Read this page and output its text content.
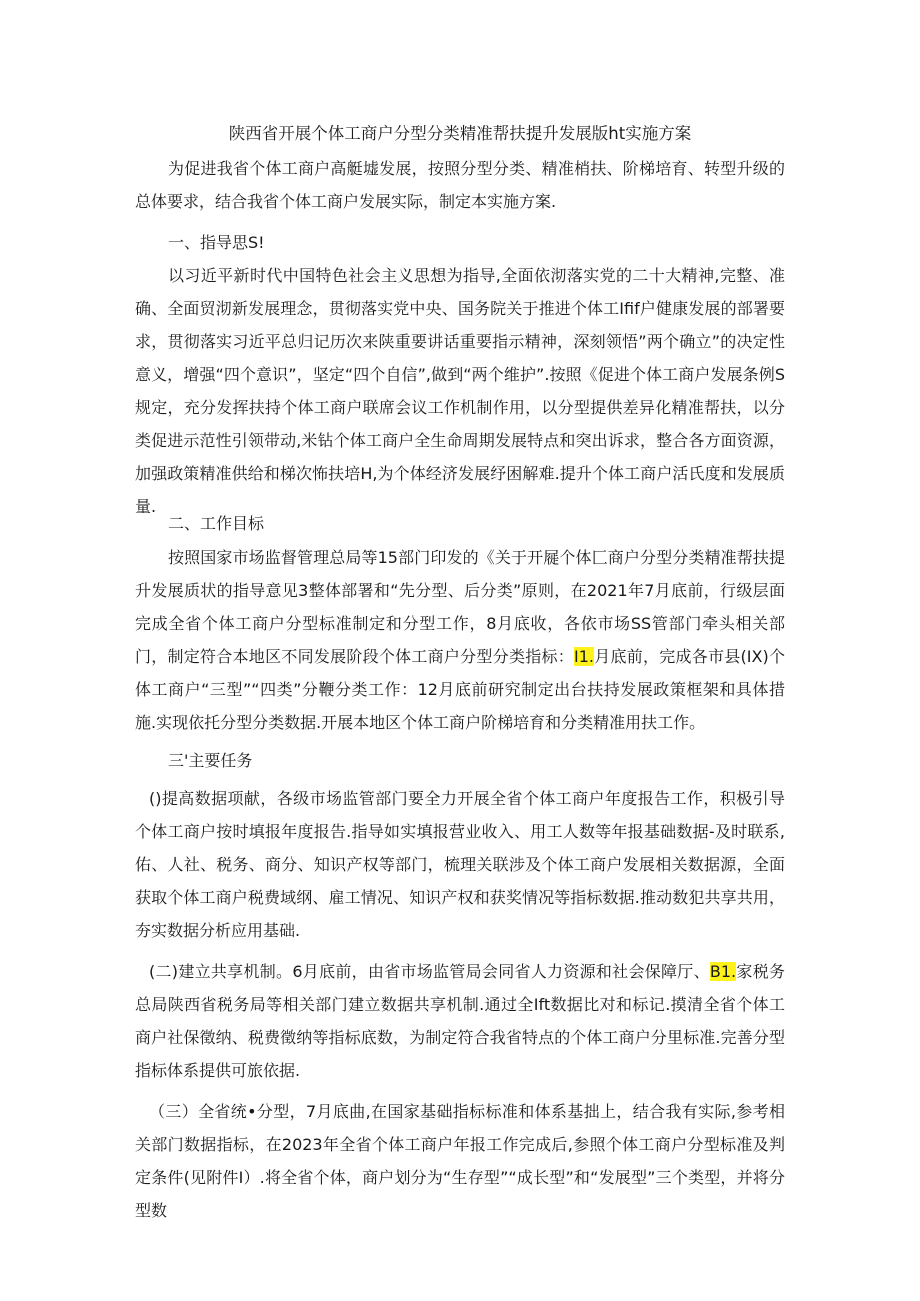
陕西省开展个体工商户分型分类精准帮扶提升发展版ht实施方案

为促进我省个体工商户高艇墟发展，按照分型分类、精准梢扶、阶梯培育、转型升级的总体要求，结合我省个体工商户发展实际，制定本实施方案.

一、指导思S!

以习近平新时代中国特色社会主义思想为指导,全面依沏落实党的二十大精神,完整、准确、全面贸沏新发展理念，贯彻落实党中央、国务院关于推进个体工Ifif户健康发展的部署要求，贯彻落实习近平总归记历次来陕重要讲话重要指示精神，深刻领悟”两个确立”的决定性意义，增强“四个意识”，坚定“四个自信”,做到“两个维护”.按照《促进个体工商户发展条例S规定，充分发挥扶持个体工商户联席会议工作机制作用，以分型提供差异化精准帮扶，以分类促进示范性引领带动,米钻个体工商户全生命周期发展特点和突出诉求，整合各方面资源，加强政策精准供给和梯次怖扶培H,为个体经济发展纾困解难.提升个体工商户活氏度和发展质量.

二、工作目标

按照国家市场监督管理总局等15部门印发的《关于开屣个体匚商户分型分类精准帮扶提升发展质状的指导意见3整体部署和“先分型、后分类”原则，在2021年7月底前，行级层面完成全省个体工商户分型标准制定和分型工作，8月底收，各依市场SS管部门牵头相关部门，制定符合本地区不同发展阶段个体工商户分型分类指标：I1.月底前，完成各市县(IX)个体工商户“三型”“四类”分鞭分类工作：12月底前研究制定出台扶持发展政策框架和具体措施.实现依托分型分类数据.开展本地区个体工商户阶梯培育和分类精准用扶工作。

三'主要任务

()提高数据项献，各级市场监管部门要全力开展全省个体工商户年度报告工作，积极引导个体工商户按时填报年度报告.指导如实填报营业收入、用工人数等年报基础数据-及时联系,佑、人社、税务、商分、知识产权等部门，梳理关联涉及个体工商户发展相关数据源，全面获取个体工商户税费域纲、雇工情况、知识产权和获奖情况等指标数据.推动数犯共享共用，夯实数据分析应用基础.

(二)建立共享机制。6月底前，由省市场监管局会同省人力资源和社会保障厅、B1.家税务总局陕西省税务局等相关部门建立数据共享机制.通过全Ift数据比对和标记.摸清全省个体工商户社保徵纳、税费徵纳等指标底数，为制定符合我省特点的个体工商户分里标准.完善分型指标体系提供可旅依据.

（三）全省统•分型，7月底曲,在国家基础指标标准和体系基拙上，结合我有实际,参考相关部门数据指标，在2023年全省个体工商户年报工作完成后,参照个体工商户分型标准及判定条件(见附件I）.将全省个体，商户划分为“生存型”“成长型”和“发展型”三个类型，并将分型数
